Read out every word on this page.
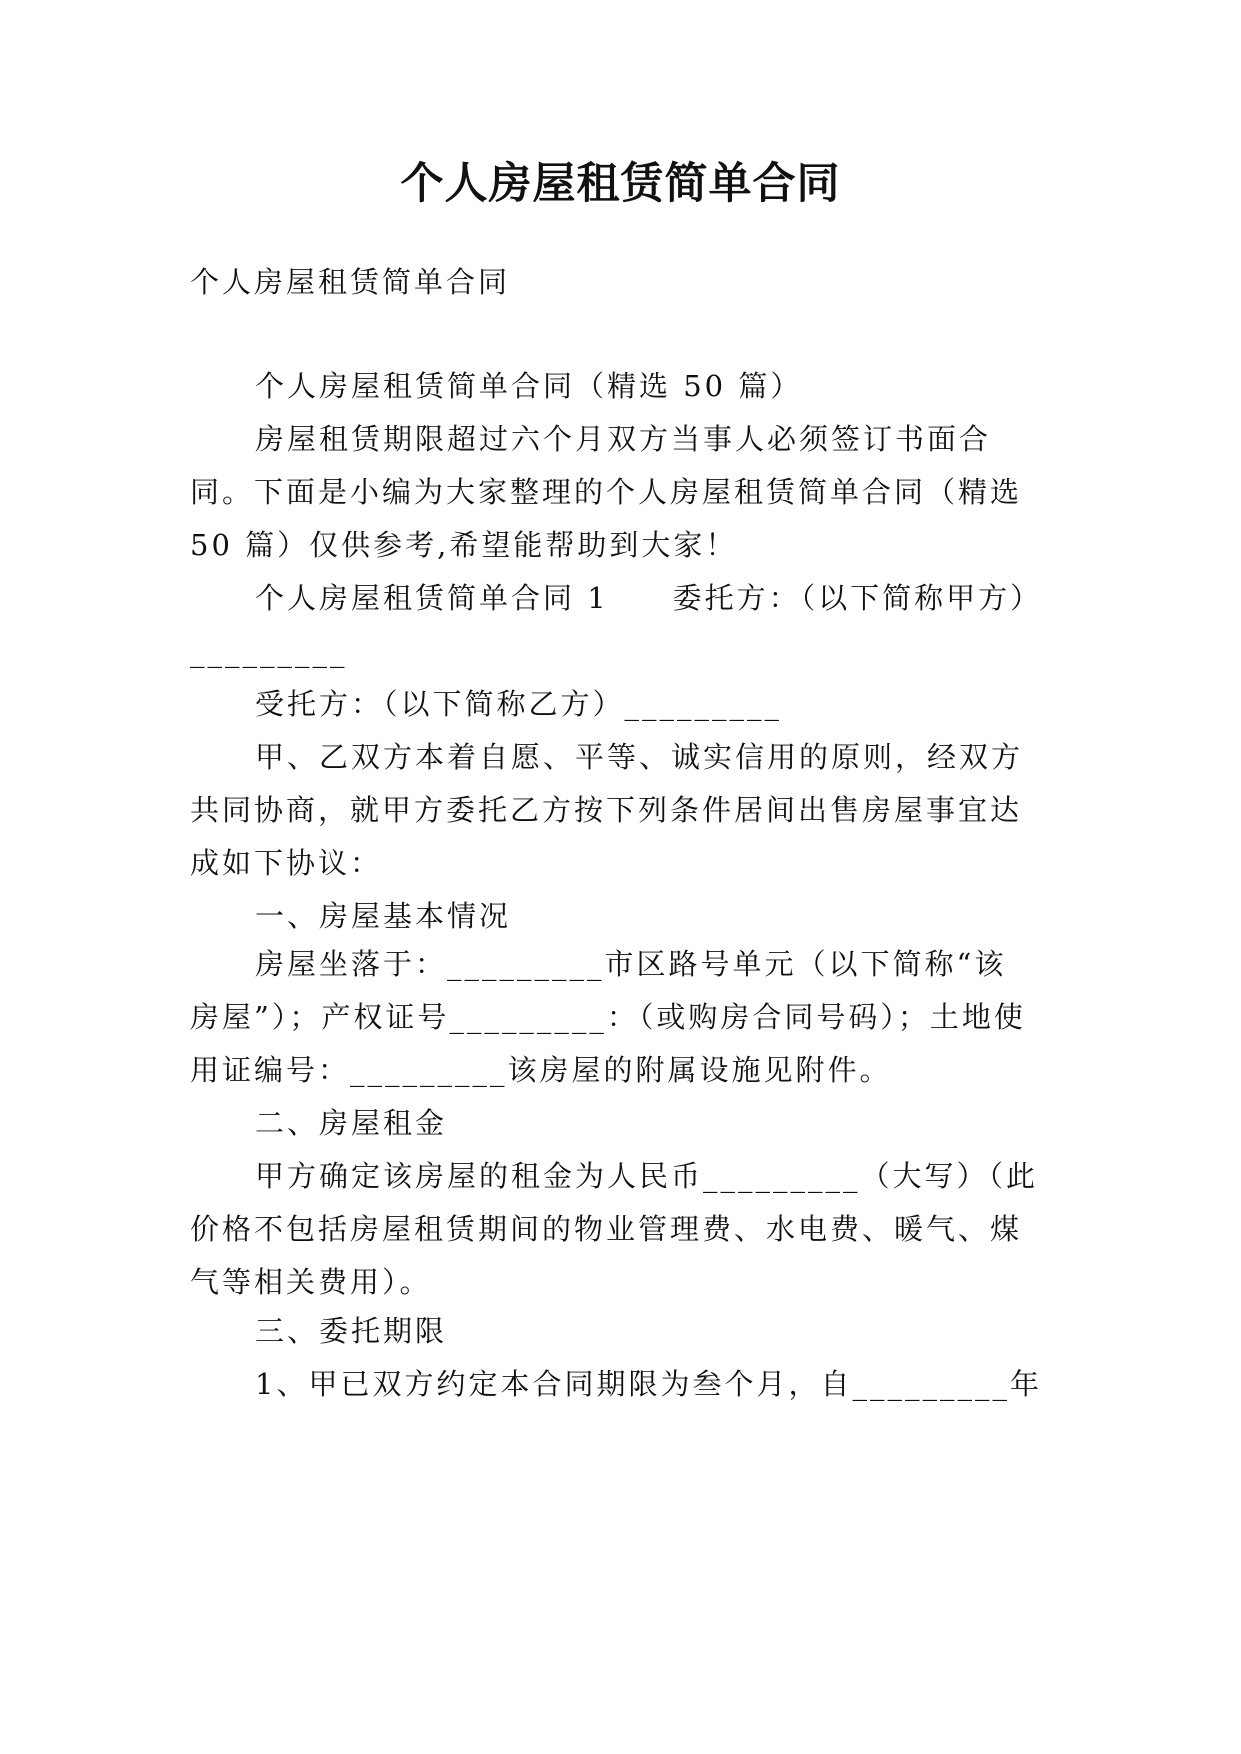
个人房屋租赁简单合同
个人房屋租赁简单合同
个人房屋租赁简单合同（精选 50 篇）
房屋租赁期限超过六个月双方当事人必须签订书面合
同。下面是小编为大家整理的个人房屋租赁简单合同（精选
50 篇）仅供参考,希望能帮助到大家！
个人房屋租赁简单合同 1　　委托方：（以下简称甲方）
_________
受托方：（以下简称乙方）_________
甲、乙双方本着自愿、平等、诚实信用的原则，经双方
共同协商，就甲方委托乙方按下列条件居间出售房屋事宜达
成如下协议：
一、房屋基本情况
房屋坐落于：_________市区路号单元（以下简称“该
房屋”）；产权证号_________：（或购房合同号码）；土地使
用证编号：_________该房屋的附属设施见附件。
二、房屋租金
甲方确定该房屋的租金为人民币_________（大写）（此
价格不包括房屋租赁期间的物业管理费、水电费、暖气、煤
气等相关费用）。
三、委托期限
1、甲已双方约定本合同期限为叁个月，自_________年
